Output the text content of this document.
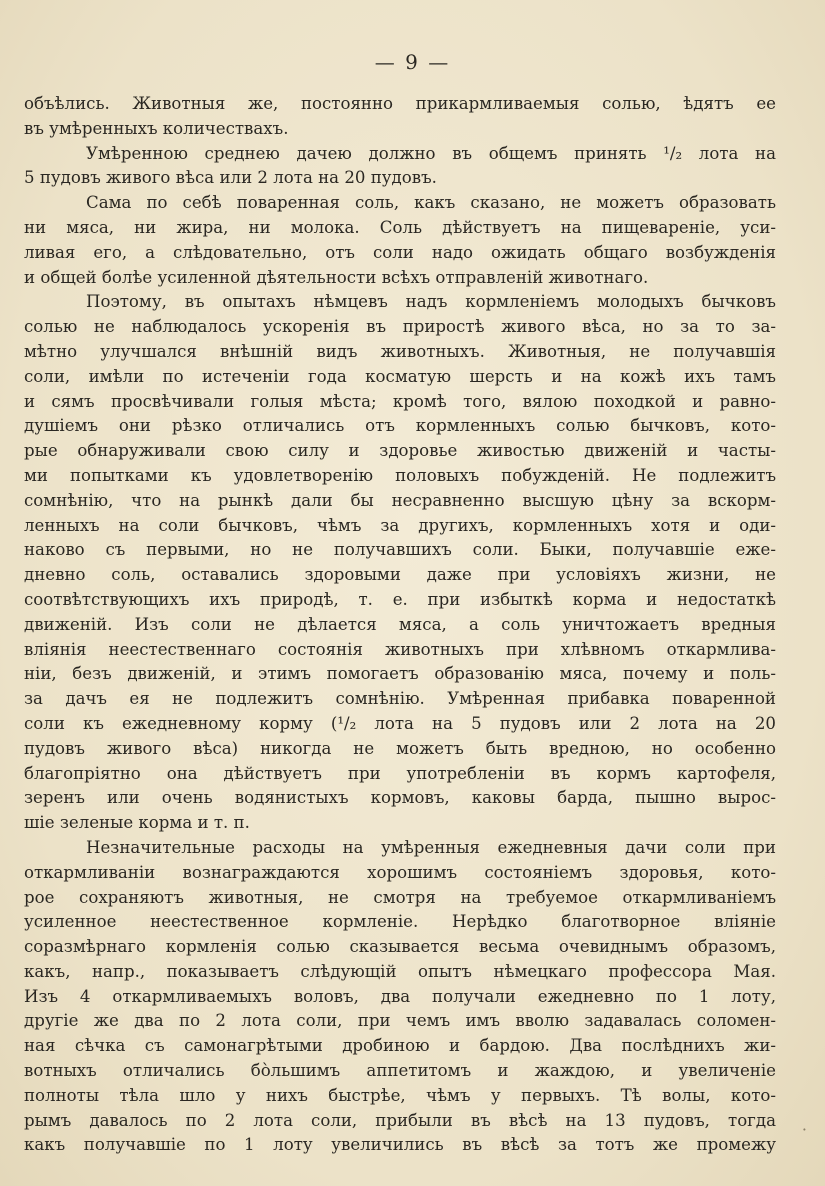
— 9 —
объѣлись. Животныя же, постоянно прикармливаемыя солью, ѣдятъ ее
въ умѣренныхъ количествахъ.
Умѣренною среднею дачею должно въ общемъ принять ¹/₂ лота на
5 пудовъ живого вѣса или 2 лота на 20 пудовъ.
Сама по себѣ поваренная соль, какъ сказано, не можетъ образовать
ни мяса, ни жира, ни молока. Соль дѣйствуетъ на пищевареніе, уси-
ливая его, а слѣдовательно, отъ соли надо ожидать общаго возбужденія
и общей болѣе усиленной дѣятельности всѣхъ отправленій животнаго.
Поэтому, въ опытахъ нѣмцевъ надъ кормленіемъ молодыхъ бычковъ
солью не наблюдалось ускоренія въ приростѣ живого вѣса, но за то за-
мѣтно улучшался внѣшній видъ животныхъ. Животныя, не получавшія
соли, имѣли по истеченіи года косматую шерсть и на кожѣ ихъ тамъ
и сямъ просвѣчивали голыя мѣста; кромѣ того, вялою походкой и равно-
душіемъ они рѣзко отличались отъ кормленныхъ солью бычковъ, кото-
рые обнаруживали свою силу и здоровье живостью движеній и часты-
ми попытками къ удовлетворенію половыхъ побужденій. Не подлежитъ
сомнѣнію, что на рынкѣ дали бы несравненно высшую цѣну за вскорм-
ленныхъ на соли бычковъ, чѣмъ за другихъ, кормленныхъ хотя и оди-
наково съ первыми, но не получавшихъ соли. Быки, получавшіе еже-
дневно соль, оставались здоровыми даже при условіяхъ жизни, не
соотвѣтствующихъ ихъ природѣ, т. е. при избыткѣ корма и недостаткѣ
движеній. Изъ соли не дѣлается мяса, а соль уничтожаетъ вредныя
вліянія неестественнаго состоянія животныхъ при хлѣвномъ откармлива-
ніи, безъ движеній, и этимъ помогаетъ образованію мяса, почему и поль-
за дачъ ея не подлежитъ сомнѣнію. Умѣренная прибавка поваренной
соли къ ежедневному корму (¹/₂ лота на 5 пудовъ или 2 лота на 20
пудовъ живого вѣса) никогда не можетъ быть вредною, но особенно
благопріятно она дѣйствуетъ при употребленіи въ кормъ картофеля,
зеренъ или очень водянистыхъ кормовъ, каковы барда, пышно вырос-
шіе зеленые корма и т. п.
Незначительные расходы на умѣренныя ежедневныя дачи соли при
откармливаніи вознаграждаются хорошимъ состояніемъ здоровья, кото-
рое сохраняютъ животныя, не смотря на требуемое откармливаніемъ
усиленное неестественное кормленіе. Нерѣдко благотворное вліяніе
соразмѣрнаго кормленія солью сказывается весьма очевиднымъ образомъ,
какъ, напр., показываетъ слѣдующій опытъ нѣмецкаго профессора Мая.
Изъ 4 откармливаемыхъ воловъ, два получали ежедневно по 1 лоту,
другіе же два по 2 лота соли, при чемъ имъ вволю задавалась соломен-
ная сѣчка съ самонагрѣтыми дробиною и бардою. Два послѣднихъ жи-
вотныхъ отличались бо̀льшимъ аппетитомъ и жаждою, и увеличеніе
полноты тѣла шло у нихъ быстрѣе, чѣмъ у первыхъ. Тѣ волы, кото-
рымъ давалось по 2 лота соли, прибыли въ вѣсѣ на 13 пудовъ, тогда
какъ получавшіе по 1 лоту увеличились въ вѣсѣ за тотъ же промежу
·
